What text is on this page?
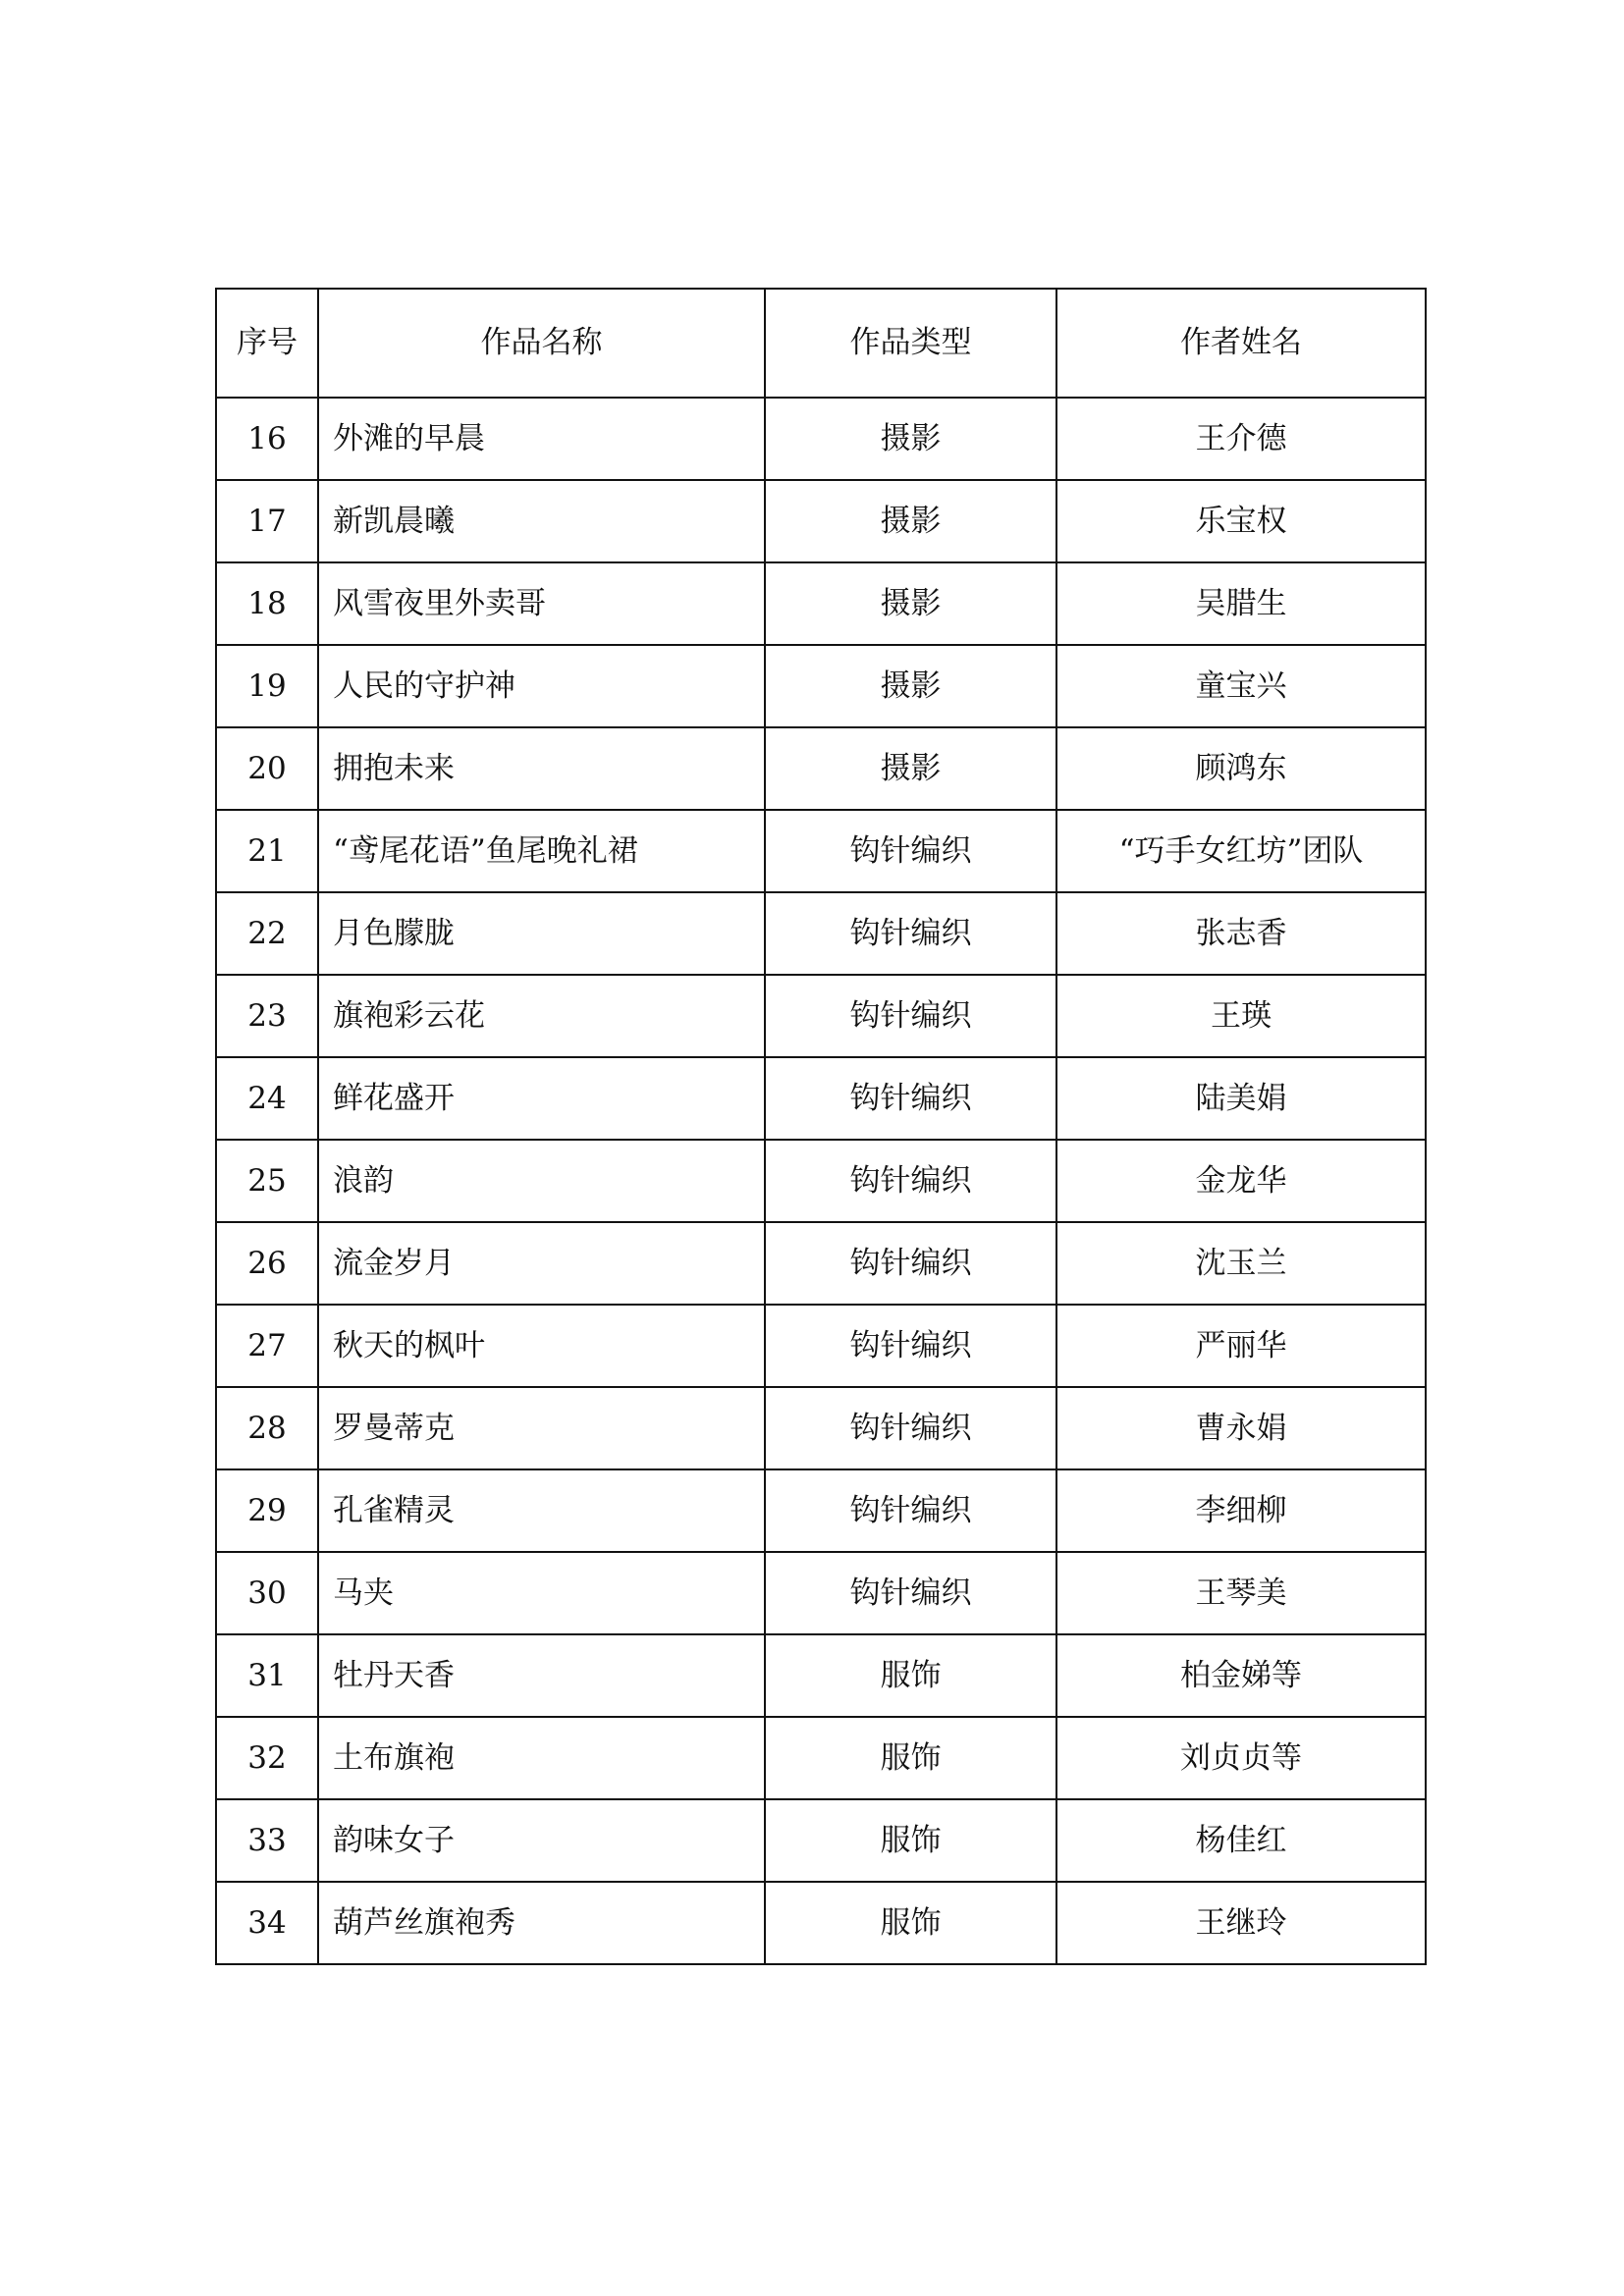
序号	作品名称	作品类型	作者姓名
16	外滩的早晨	摄影	王介德
17	新凯晨曦	摄影	乐宝权
18	风雪夜里外卖哥	摄影	吴腊生
19	人民的守护神	摄影	童宝兴
20	拥抱未来	摄影	顾鸿东
21	“鸢尾花语”鱼尾晚礼裙	钩针编织	“巧手女红坊”团队
22	月色朦胧	钩针编织	张志香
23	旗袍彩云花	钩针编织	王瑛
24	鲜花盛开	钩针编织	陆美娟
25	浪韵	钩针编织	金龙华
26	流金岁月	钩针编织	沈玉兰
27	秋天的枫叶	钩针编织	严丽华
28	罗曼蒂克	钩针编织	曹永娟
29	孔雀精灵	钩针编织	李细柳
30	马夹	钩针编织	王琴美
31	牡丹天香	服饰	柏金娣等
32	土布旗袍	服饰	刘贞贞等
33	韵味女子	服饰	杨佳红
34	葫芦丝旗袍秀	服饰	王继玲
